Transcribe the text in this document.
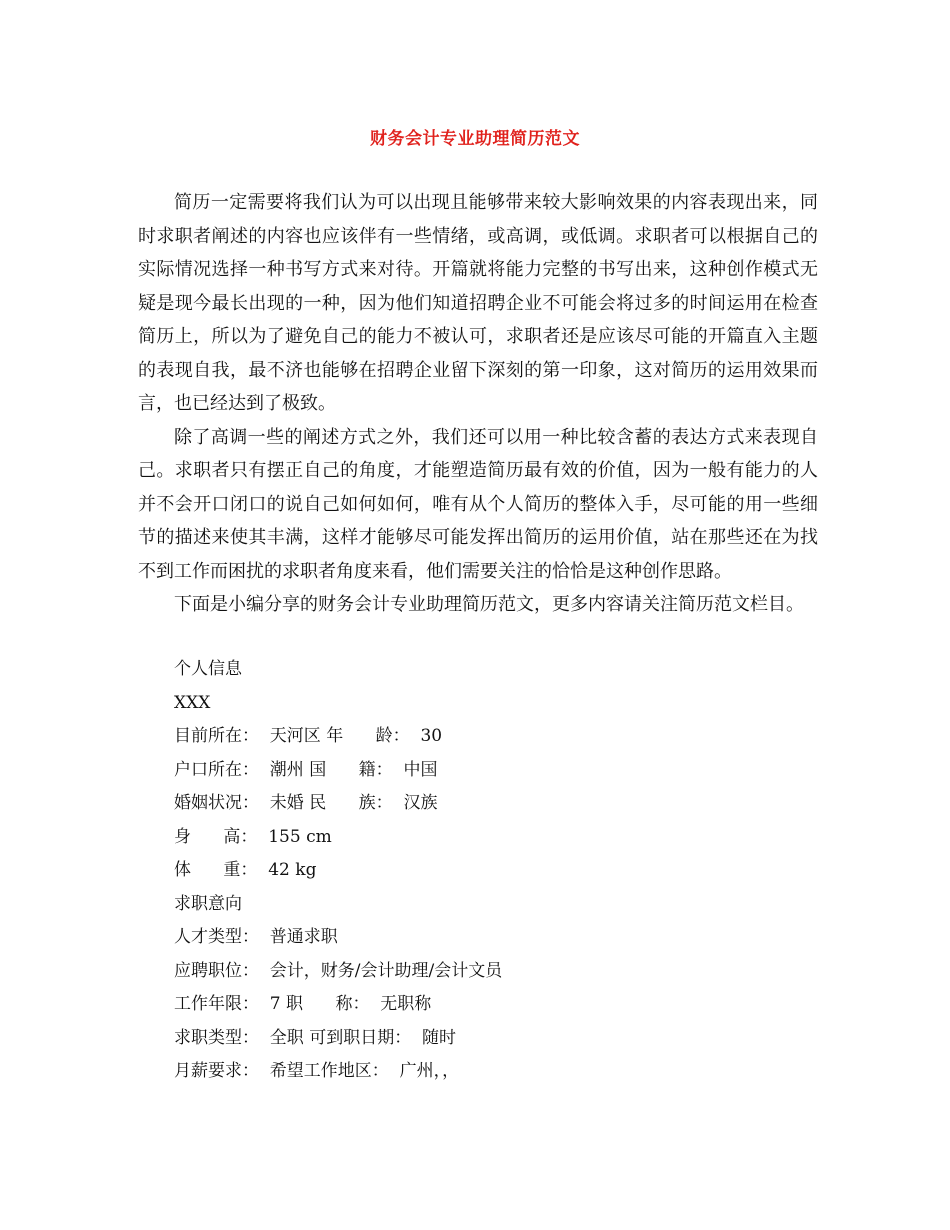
财务会计专业助理简历范文

简历一定需要将我们认为可以出现且能够带来较大影响效果的内容表现出来，同时求职者阐述的内容也应该伴有一些情绪，或高调，或低调。求职者可以根据自己的实际情况选择一种书写方式来对待。开篇就将能力完整的书写出来，这种创作模式无疑是现今最长出现的一种，因为他们知道招聘企业不可能会将过多的时间运用在检查简历上，所以为了避免自己的能力不被认可，求职者还是应该尽可能的开篇直入主题的表现自我，最不济也能够在招聘企业留下深刻的第一印象，这对简历的运用效果而言，也已经达到了极致。

除了高调一些的阐述方式之外，我们还可以用一种比较含蓄的表达方式来表现自己。求职者只有摆正自己的角度，才能塑造简历最有效的价值，因为一般有能力的人并不会开口闭口的说自己如何如何，唯有从个人简历的整体入手，尽可能的用一些细节的描述来使其丰满，这样才能够尽可能发挥出简历的运用价值，站在那些还在为找不到工作而困扰的求职者角度来看，他们需要关注的恰恰是这种创作思路。

下面是小编分享的财务会计专业助理简历范文，更多内容请关注简历范文栏目。

个人信息
XXX
目前所在：  天河区 年      龄：  30
户口所在：  潮州 国      籍：  中国
婚姻状况：  未婚 民      族：  汉族
身      高：  155 cm
体      重：  42 kg
求职意向
人才类型：  普通求职
应聘职位：  会计，财务/会计助理/会计文员
工作年限：  7 职      称：  无职称
求职类型：  全职 可到职日期：  随时
月薪要求：  希望工作地区：  广州，，
